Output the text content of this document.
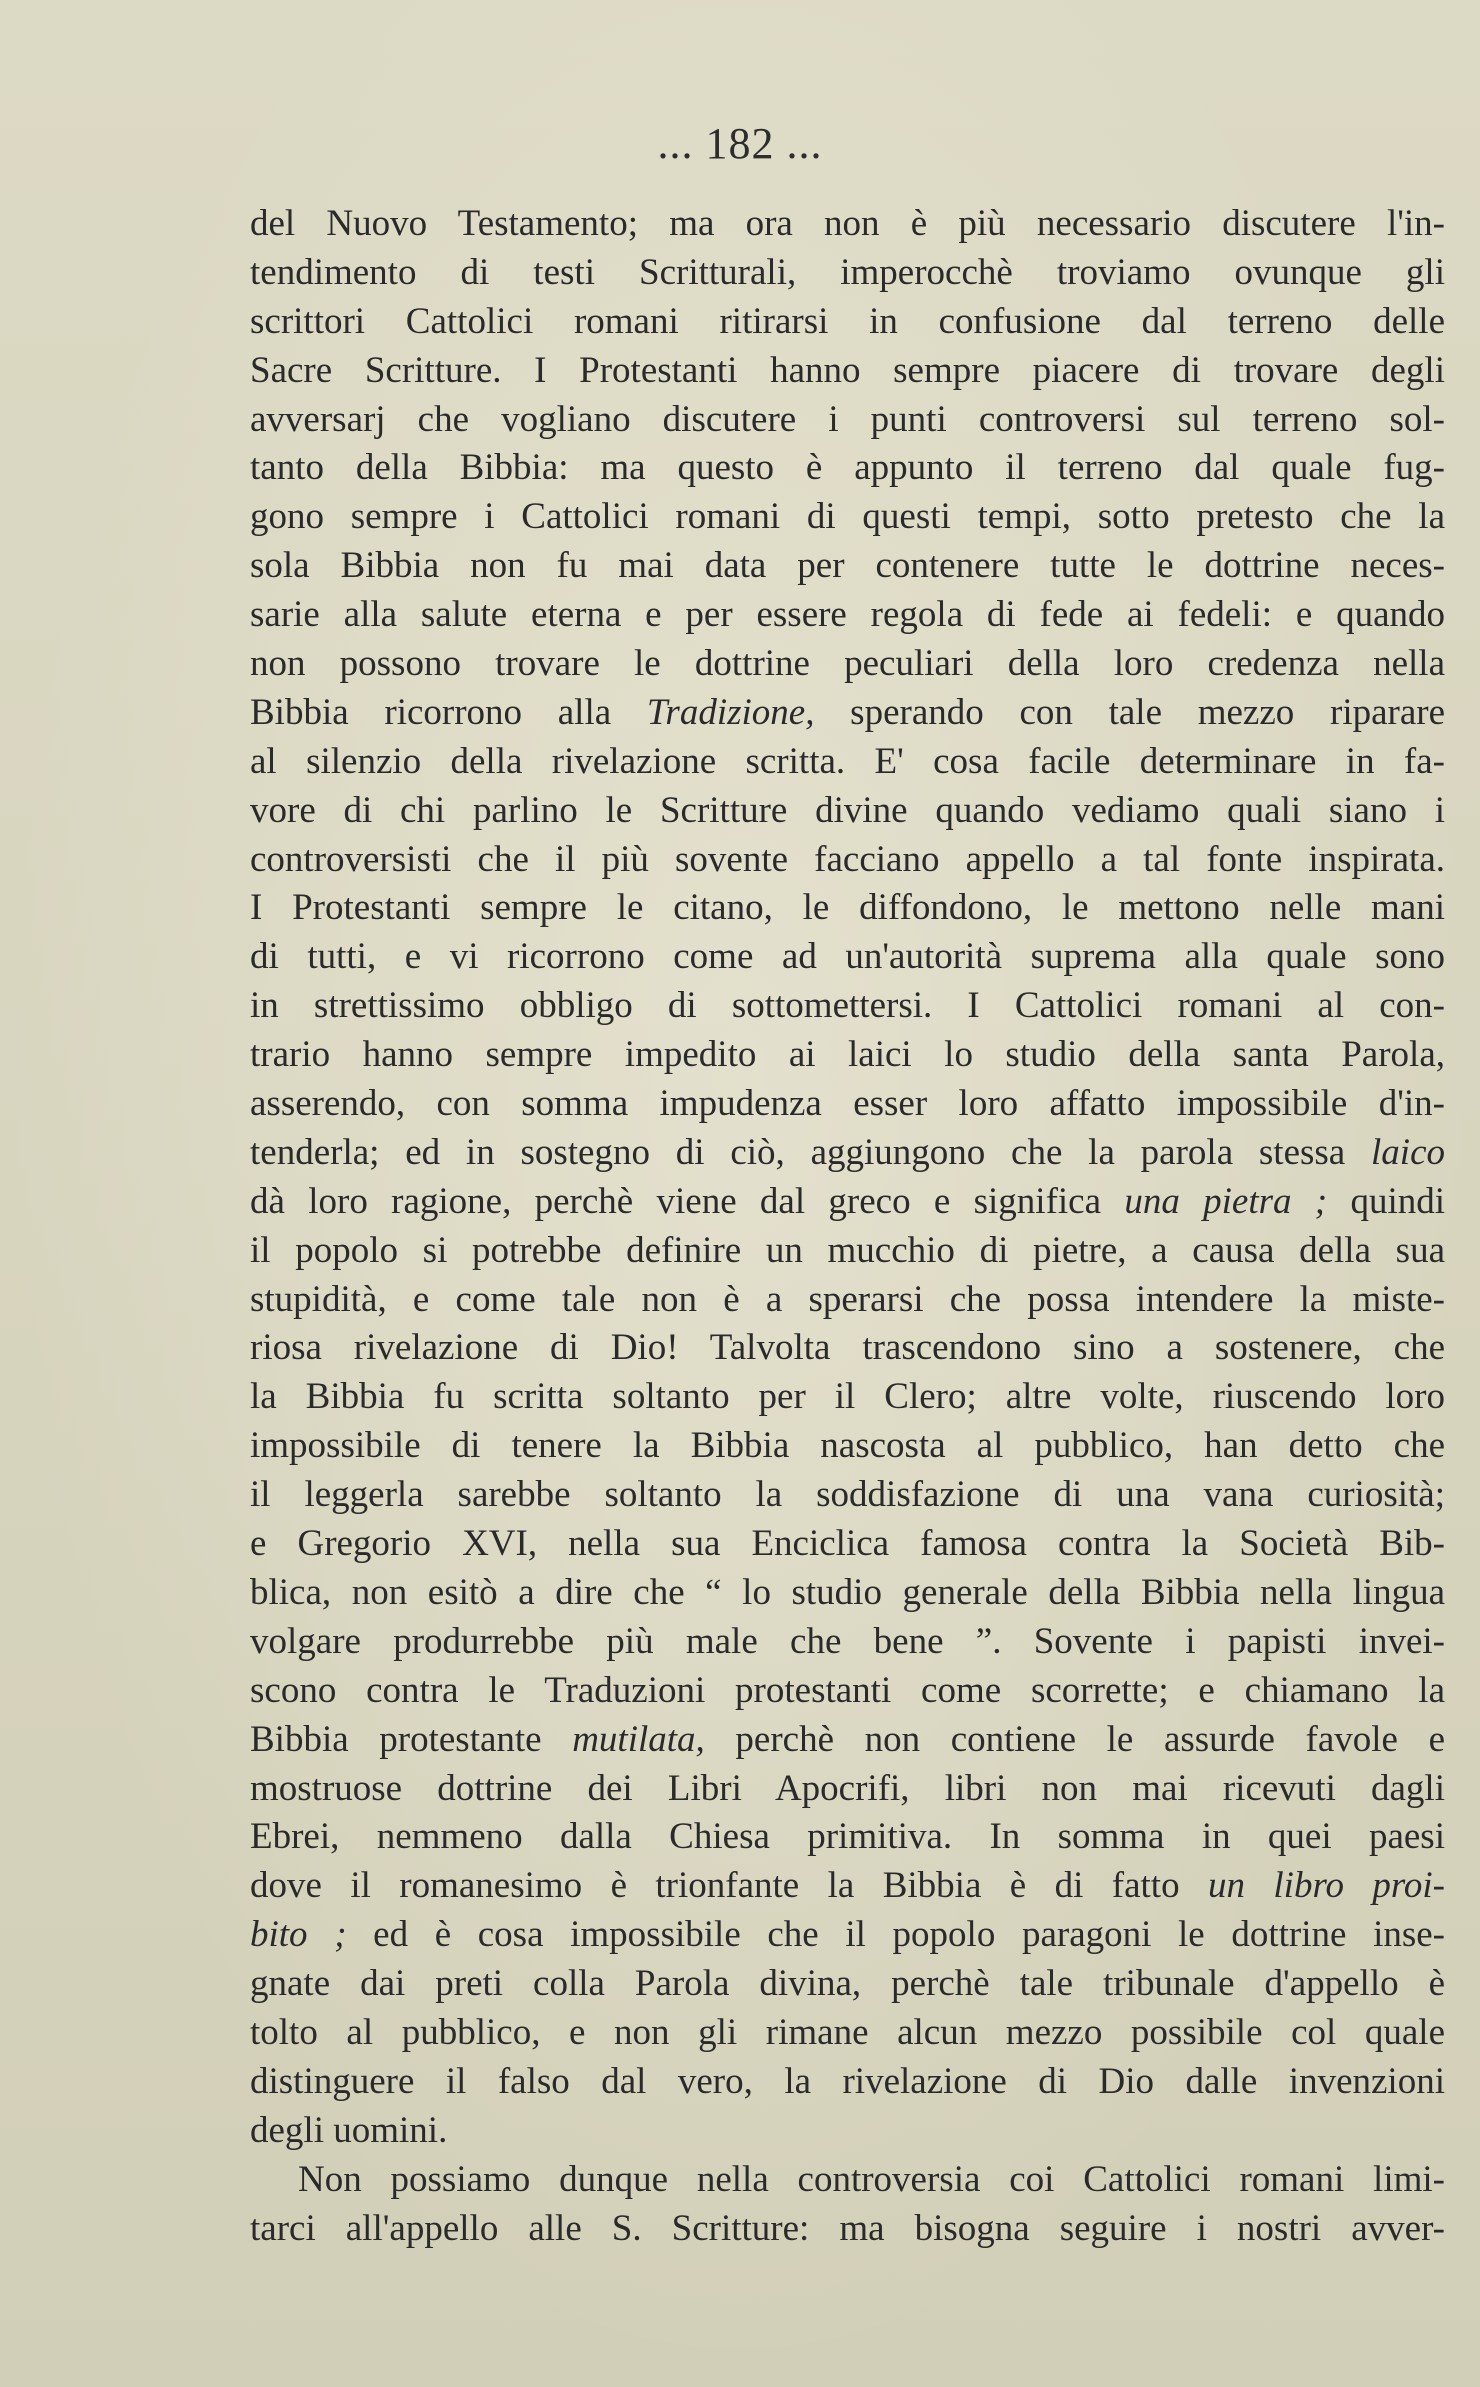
... 182 ...
del Nuovo Testamento; ma ora non è più necessario discutere l'in-
tendimento di testi Scritturali, imperocchè troviamo ovunque gli
scrittori Cattolici romani ritirarsi in confusione dal terreno delle
Sacre Scritture. I Protestanti hanno sempre piacere di trovare degli
avversarj che vogliano discutere i punti controversi sul terreno sol-
tanto della Bibbia: ma questo è appunto il terreno dal quale fug-
gono sempre i Cattolici romani di questi tempi, sotto pretesto che la
sola Bibbia non fu mai data per contenere tutte le dottrine neces-
sarie alla salute eterna e per essere regola di fede ai fedeli: e quando
non possono trovare le dottrine peculiari della loro credenza nella
Bibbia ricorrono alla Tradizione, sperando con tale mezzo riparare
al silenzio della rivelazione scritta. E' cosa facile determinare in fa-
vore di chi parlino le Scritture divine quando vediamo quali siano i
controversisti che il più sovente facciano appello a tal fonte inspirata.
I Protestanti sempre le citano, le diffondono, le mettono nelle mani
di tutti, e vi ricorrono come ad un'autorità suprema alla quale sono
in strettissimo obbligo di sottomettersi. I Cattolici romani al con-
trario hanno sempre impedito ai laici lo studio della santa Parola,
asserendo, con somma impudenza esser loro affatto impossibile d'in-
tenderla; ed in sostegno di ciò, aggiungono che la parola stessa laico
dà loro ragione, perchè viene dal greco e significa una pietra ; quindi
il popolo si potrebbe definire un mucchio di pietre, a causa della sua
stupidità, e come tale non è a sperarsi che possa intendere la miste-
riosa rivelazione di Dio! Talvolta trascendono sino a sostenere, che
la Bibbia fu scritta soltanto per il Clero; altre volte, riuscendo loro
impossibile di tenere la Bibbia nascosta al pubblico, han detto che
il leggerla sarebbe soltanto la soddisfazione di una vana curiosità;
e Gregorio XVI, nella sua Enciclica famosa contra la Società Bib-
blica, non esitò a dire che “ lo studio generale della Bibbia nella lingua
volgare produrrebbe più male che bene ”. Sovente i papisti invei-
scono contra le Traduzioni protestanti come scorrette; e chiamano la
Bibbia protestante mutilata, perchè non contiene le assurde favole e
mostruose dottrine dei Libri Apocrifi, libri non mai ricevuti dagli
Ebrei, nemmeno dalla Chiesa primitiva. In somma in quei paesi
dove il romanesimo è trionfante la Bibbia è di fatto un libro proi-
bito ; ed è cosa impossibile che il popolo paragoni le dottrine inse-
gnate dai preti colla Parola divina, perchè tale tribunale d'appello è
tolto al pubblico, e non gli rimane alcun mezzo possibile col quale
distinguere il falso dal vero, la rivelazione di Dio dalle invenzioni
degli uomini.
Non possiamo dunque nella controversia coi Cattolici romani limi-
tarci all'appello alle S. Scritture: ma bisogna seguire i nostri avver-
